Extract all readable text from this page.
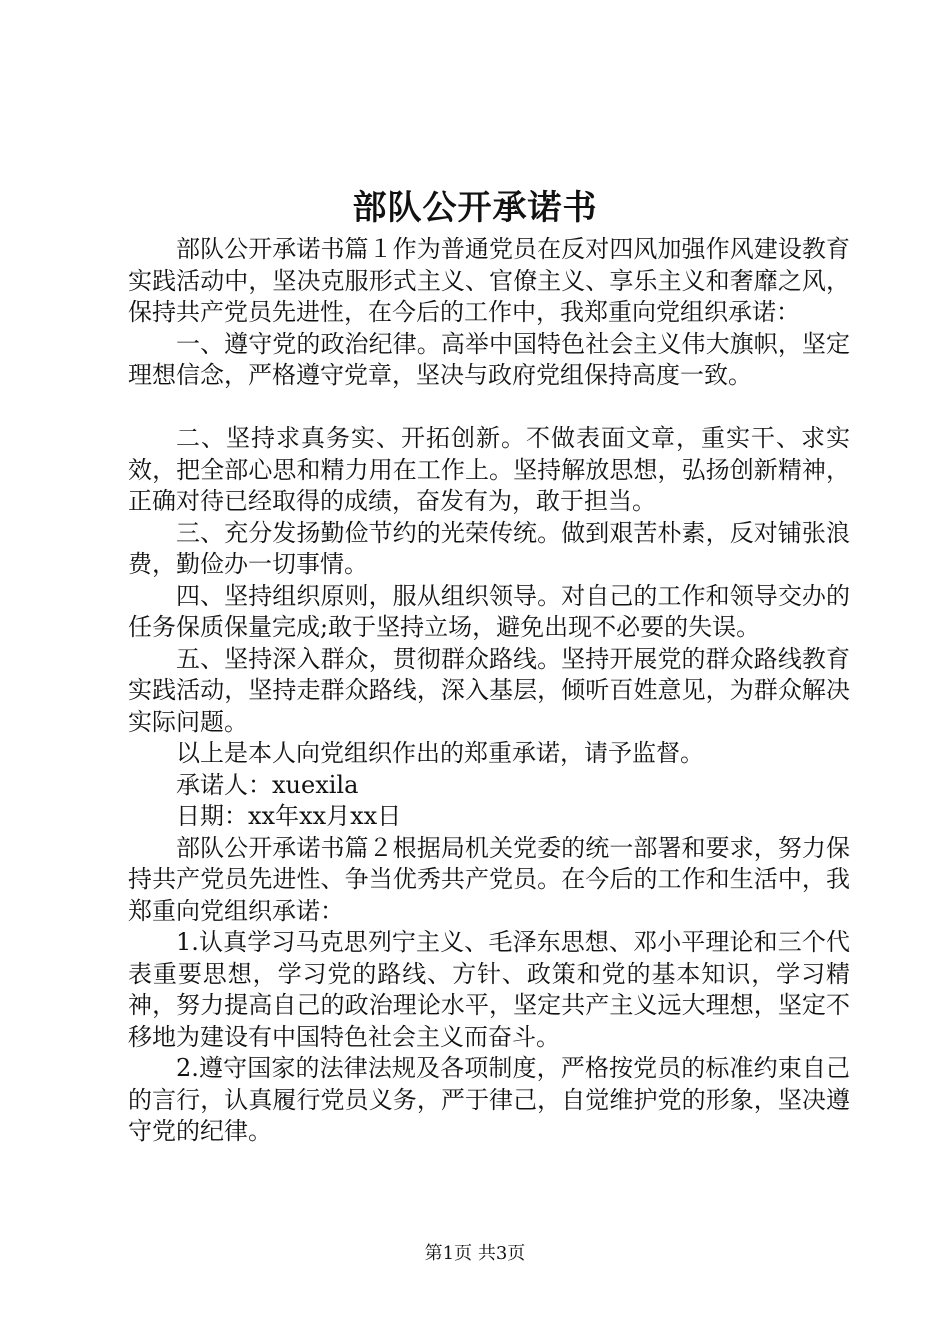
部队公开承诺书

部队公开承诺书篇１作为普通党员在反对四风加强作风建设教育实践活动中，坚决克服形式主义、官僚主义、享乐主义和奢靡之风，保持共产党员先进性，在今后的工作中，我郑重向党组织承诺：

一、遵守党的政治纪律。高举中国特色社会主义伟大旗帜，坚定理想信念，严格遵守党章，坚决与政府党组保持高度一致。

二、坚持求真务实、开拓创新。不做表面文章，重实干、求实效，把全部心思和精力用在工作上。坚持解放思想，弘扬创新精神，正确对待已经取得的成绩，奋发有为，敢于担当。

三、充分发扬勤俭节约的光荣传统。做到艰苦朴素，反对铺张浪费，勤俭办一切事情。

四、坚持组织原则，服从组织领导。对自己的工作和领导交办的任务保质保量完成;敢于坚持立场，避免出现不必要的失误。

五、坚持深入群众，贯彻群众路线。坚持开展党的群众路线教育实践活动，坚持走群众路线，深入基层，倾听百姓意见，为群众解决实际问题。

以上是本人向党组织作出的郑重承诺，请予监督。

承诺人：xuexila

日期：xx年xx月xx日

部队公开承诺书篇２根据局机关党委的统一部署和要求，努力保持共产党员先进性、争当优秀共产党员。在今后的工作和生活中，我郑重向党组织承诺：

1.认真学习马克思列宁主义、毛泽东思想、邓小平理论和三个代表重要思想，学习党的路线、方针、政策和党的基本知识，学习精神，努力提高自己的政治理论水平，坚定共产主义远大理想，坚定不移地为建设有中国特色社会主义而奋斗。

2.遵守国家的法律法规及各项制度，严格按党员的标准约束自己的言行，认真履行党员义务，严于律己，自觉维护党的形象，坚决遵守党的纪律。

第1页 共3页
